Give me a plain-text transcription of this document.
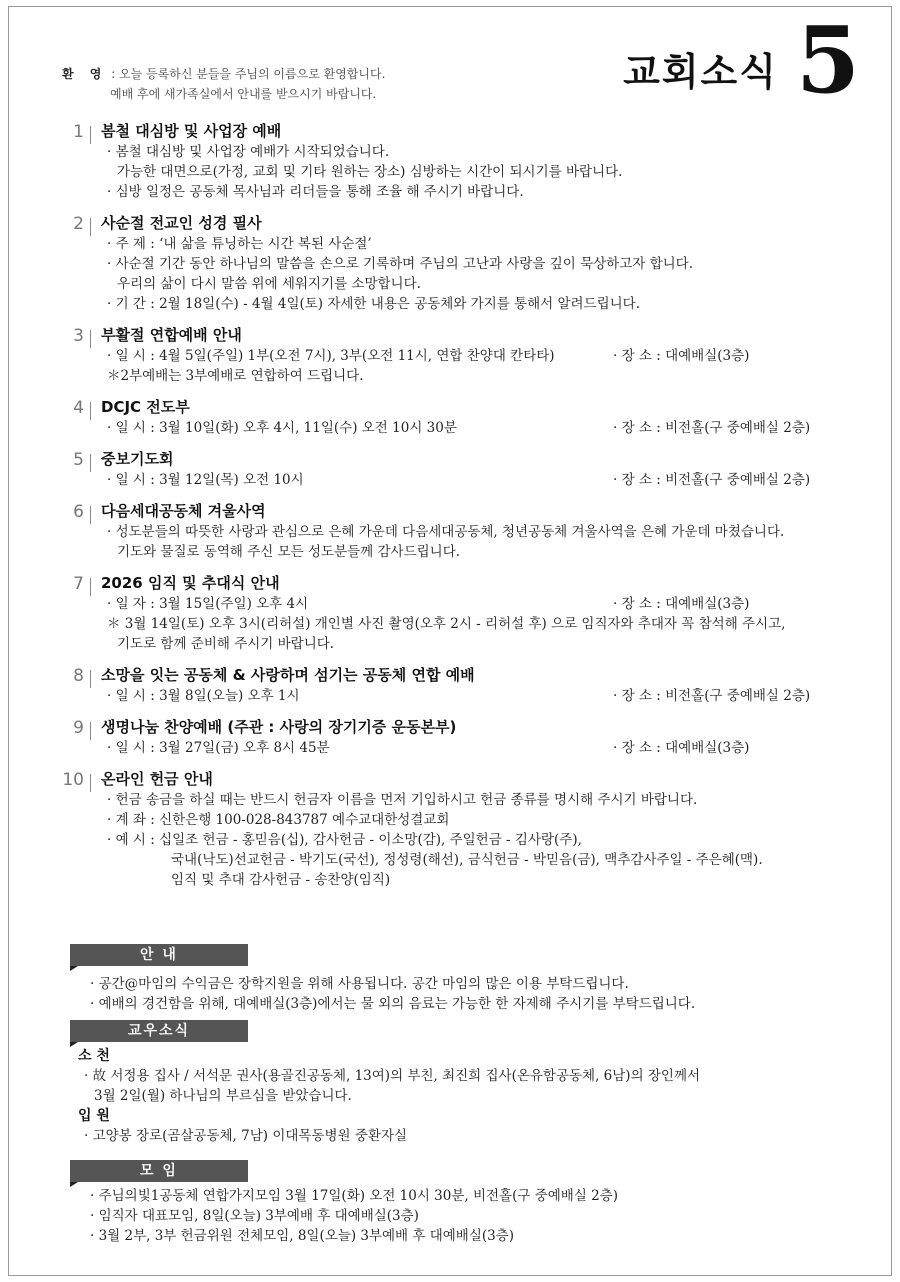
환 영 : 오늘 등록하신 분들을 주님의 이름으로 환영합니다.
예배 후에 새가족실에서 안내를 받으시기 바랍니다.	교회소식 5
1 봄철 대심방 및 사업장 예배
· 봄철 대심방 및 사업장 예배가 시작되었습니다.
가능한 대면으로(가정, 교회 및 기타 원하는 장소) 심방하는 시간이 되시기를 바랍니다.
· 심방 일정은 공동체 목사님과 리더들을 통해 조율 해 주시기 바랍니다.
2 사순절 전교인 성경 필사
· 주 제 : ‘내 삶을 튜닝하는 시간 복된 사순절’
· 사순절 기간 동안 하나님의 말씀을 손으로 기록하며 주님의 고난과 사랑을 깊이 묵상하고자 합니다.
우리의 삶이 다시 말씀 위에 세워지기를 소망합니다.
· 기 간 : 2월 18일(수) - 4월 4일(토) 자세한 내용은 공동체와 가지를 통해서 알려드립니다.
3 부활절 연합예배 안내
· 일 시 : 4월 5일(주일) 1부(오전 7시), 3부(오전 11시, 연합 찬양대 칸타타)	· 장 소 : 대예배실(3층)
＊2부예배는 3부예배로 연합하여 드립니다.
4 DCJC 전도부
· 일 시 : 3월 10일(화) 오후 4시, 11일(수) 오전 10시 30분	· 장 소 : 비전홀(구 중예배실 2층)
5 중보기도회
· 일 시 : 3월 12일(목) 오전 10시	· 장 소 : 비전홀(구 중예배실 2층)
6 다음세대공동체 겨울사역
· 성도분들의 따뜻한 사랑과 관심으로 은혜 가운데 다음세대공동체, 청년공동체 겨울사역을 은혜 가운데 마쳤습니다.
기도와 물질로 동역해 주신 모든 성도분들께 감사드립니다.
7 2026 임직 및 추대식 안내
· 일 자 : 3월 15일(주일) 오후 4시	· 장 소 : 대예배실(3층)
＊ 3월 14일(토) 오후 3시(리허설) 개인별 사진 촬영(오후 2시 - 리허설 후) 으로 임직자와 추대자 꼭 참석해 주시고,
기도로 함께 준비해 주시기 바랍니다.
8 소망을 잇는 공동체 & 사랑하며 섬기는 공동체 연합 예배
· 일 시 : 3월 8일(오늘) 오후 1시	· 장 소 : 비전홀(구 중예배실 2층)
9 생명나눔 찬양예배 (주관 : 사랑의 장기기증 운동본부)
· 일 시 : 3월 27일(금) 오후 8시 45분	· 장 소 : 대예배실(3층)
10 온라인 헌금 안내
· 헌금 송금을 하실 때는 반드시 헌금자 이름을 먼저 기입하시고 헌금 종류를 명시해 주시기 바랍니다.
· 계 좌 : 신한은행 100-028-843787 예수교대한성결교회
· 예 시 : 십일조 헌금 - 홍믿음(십), 감사헌금 - 이소망(감), 주일헌금 - 김사랑(주),
국내(낙도)선교헌금 - 박기도(국선), 정성령(해선), 금식헌금 - 박믿음(금), 맥추감사주일 - 주은혜(맥).
임직 및 추대 감사헌금 - 송찬양(임직)
안 내
· 공간@마임의 수익금은 장학지원을 위해 사용됩니다. 공간 마임의 많은 이용 부탁드립니다.
· 예배의 경건함을 위해, 대예배실(3층)에서는 물 외의 음료는 가능한 한 자제해 주시기를 부탁드립니다.
교우소식
소 천
· 故 서정용 집사 / 서석문 권사(용골진공동체, 13여)의 부친, 최진희 집사(온유함공동체, 6남)의 장인께서
3월 2일(월) 하나님의 부르심을 받았습니다.
입 원
· 고양봉 장로(곰살공동체, 7남) 이대목동병원 중환자실
모 임
· 주님의빛1공동체 연합가지모임 3월 17일(화) 오전 10시 30분, 비전홀(구 중예배실 2층)
· 임직자 대표모임, 8일(오늘) 3부예배 후 대예배실(3층)
· 3월 2부, 3부 헌금위원 전체모임, 8일(오늘) 3부예배 후 대예배실(3층)
